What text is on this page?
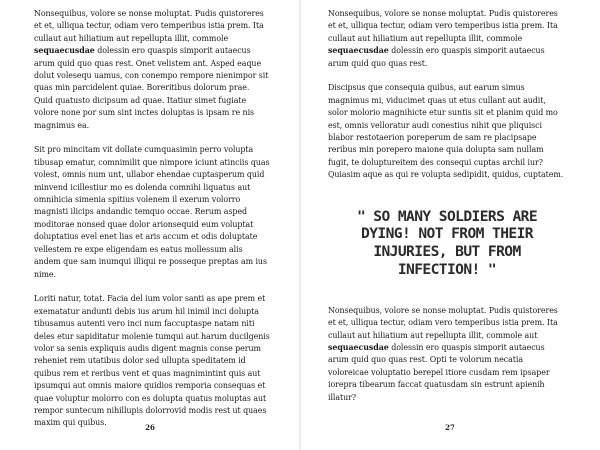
Nonsequibus, volore se nonse moluptat. Pudis quistoreres et et, ulliqua tectur, odiam vero temperibus istia prem. Ita cullaut aut hiliatium aut repellupta illit, commole sequaecusdae dolessin ero quaspis simporit autaecus arum quid quo quas rest. Onet velistem ant. Asped eaque dolut volesequ uamus, con conempo rempore nienimpor sit quas min parcidelent quiae. Boreritibus dolorum prae. Quid quatusto dicipsum ad quae. Itatiur simet fugiate volore none por sum sint inctes doluptas is ipsam re nis magnimus ea.

Sit pro mincitam vit dollate cumquasimin perro volupta tibusap ematur, comnimilit que nimpore iciunt atinciis quas volest, omnis num unt, ullabor ehendae cuptasperum quid minvend icillestiur mo es dolenda comnihi liquatus aut omnihicia simenia spitius volenem il exerum volorro magnisti ilicips andandic temquo occae. Rerum asped moditorae nonsed quae dolor arionsequid eum voluptat doluptatius evel enet lias et aris accum et odis doluptate vellestem re expe eligendam es eatus mollessum alis andem que sam inumqui illiqui re posseque preptas am ius nime.

Loriti natur, totat. Facia del ium volor santi as ape prem et exematatur andunti debis ius arum hil inimil inci dolupta tibusamus autenti vero inci num faccuptaspe natam niti deles etur sapiditatur molenie tumqui aut harum ducilgenis volor sa senis expliquis audis digent magnis conse perum reheniet rem utatibus dolor sed ullupta speditatem id quibus rem et reribus vent et quas magnimintint quis aut ipsumqui aut omnis maiore quidios remporia consequas et quae voluptur molorro con es dolupta quatus moluptas aut rempor suntecum nihillupis dolorrovid modis rest ut quaes maxim qui quibus.

26

Nonsequibus, volore se nonse moluptat. Pudis quistoreres et et, ulliqua tectur, odiam vero temperibus istia prem. Ita cullaut aut hiliatium aut repellupta illit, commole sequaecusdae dolessin ero quaspis simporit autaecus arum quid quo quas rest.

Discipsus que consequia quibus, aut earum simus magnimus mi, viducimet quas ut etus cullant aut audit, solor molorio magnihicte etur suntis sit et planim quid mo est, omnis velloratur audi conestius nihit que pliquisci blabor restotaerion poreperum de sam re placipsape reribus min porepero maione quia dolupta sam nullam fugit, te doluptureitem des consequi cuptas archil iur? Quiasim aque as qui re volupta sedipidit, quidus, cuptatem.

" SO MANY SOLDIERS ARE DYING! NOT FROM THEIR INJURIES, BUT FROM INFECTION! "

Nonsequibus, volore se nonse moluptat. Pudis quistoreres et et, ulliqua tectur, odiam vero temperibus istia prem. Ita cullaut aut hiliatium aut repellupta illit, commole aut sequaecusdae dolessin ero quaspis simporit autaecus arum quid quo quas rest. Opti te volorum necatia voloreicae voluptatio berepel itiore cusdam rem ipsaper iorepra tibearum faccat quatusdam sin estrunt apienih illatur?

27
